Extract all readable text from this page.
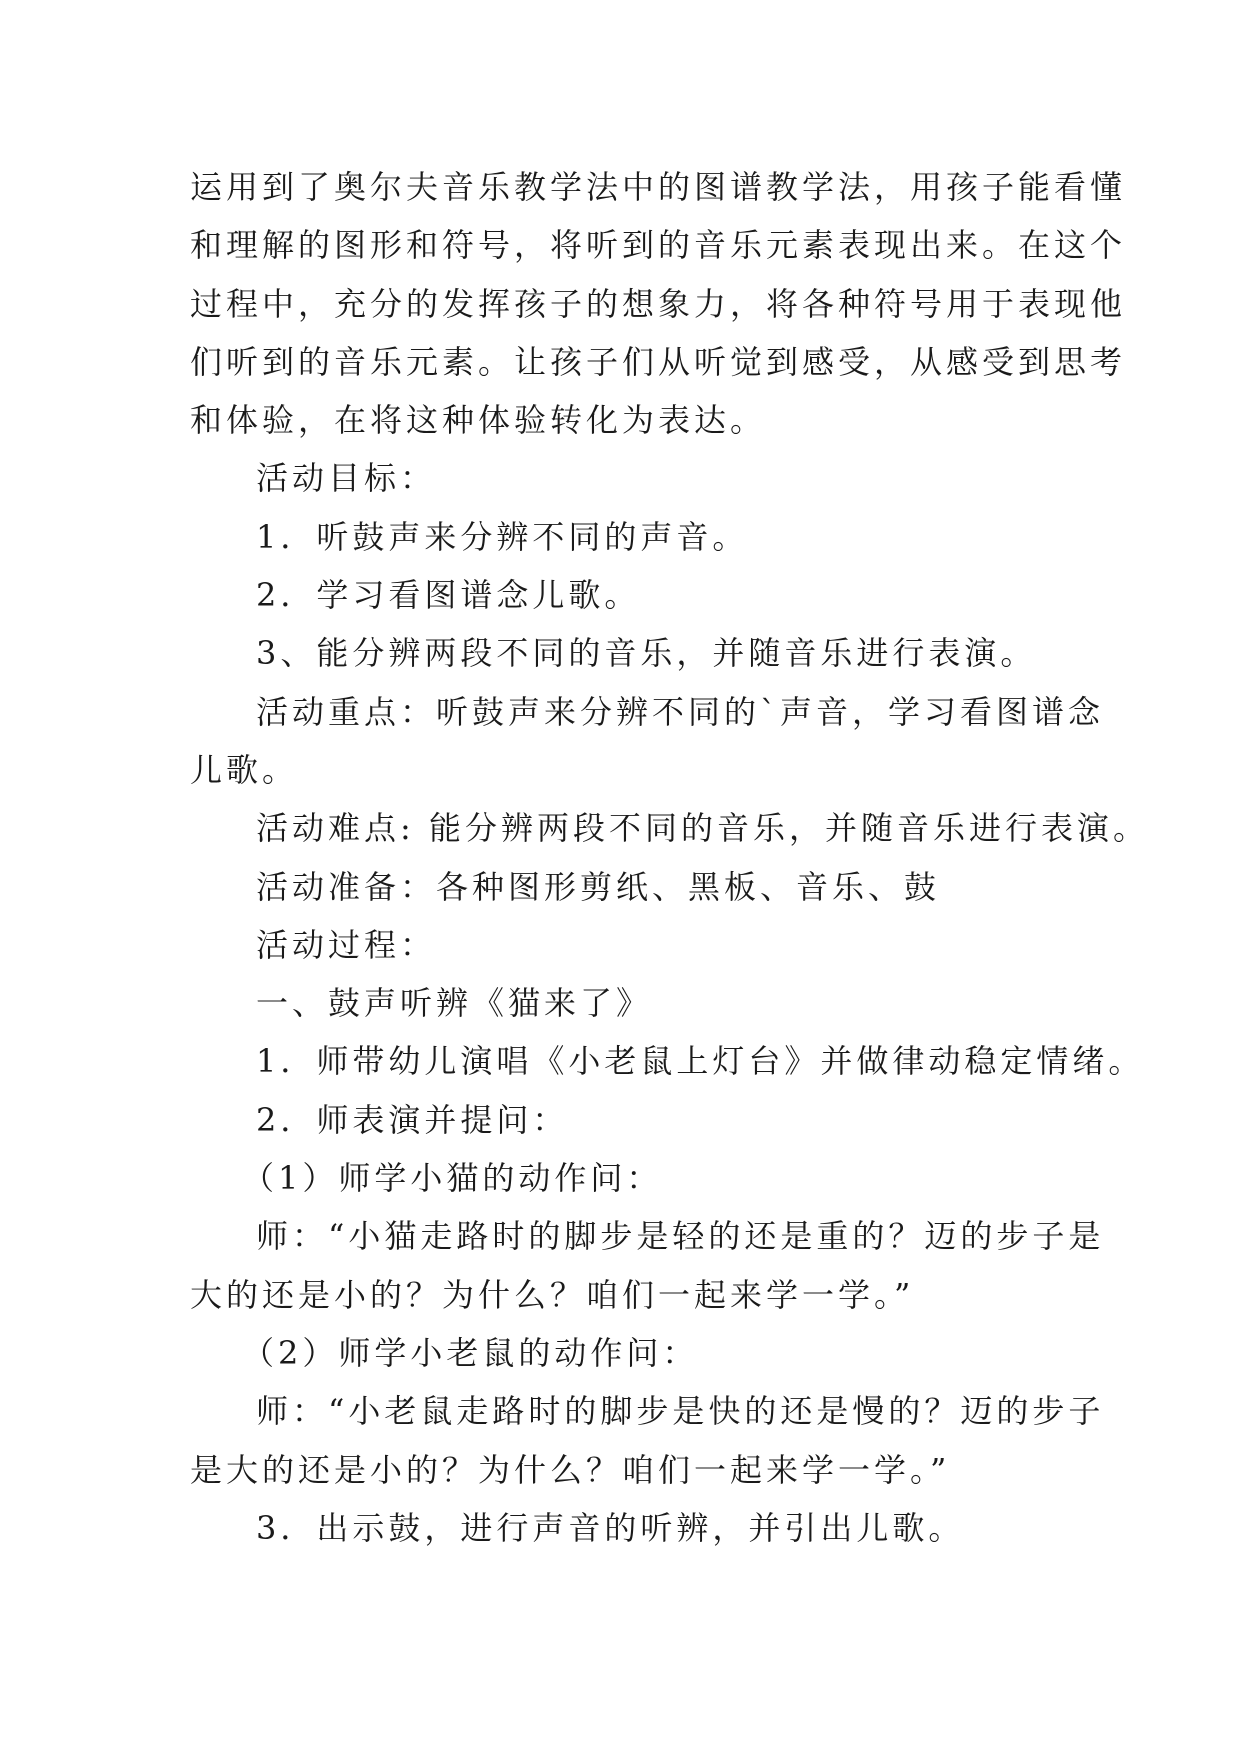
运用到了奥尔夫音乐教学法中的图谱教学法，用孩子能看懂
和理解的图形和符号，将听到的音乐元素表现出来。在这个
过程中，充分的发挥孩子的想象力，将各种符号用于表现他
们听到的音乐元素。让孩子们从听觉到感受，从感受到思考
和体验，在将这种体验转化为表达。
活动目标：
1．听鼓声来分辨不同的声音。
2．学习看图谱念儿歌。
3、能分辨两段不同的音乐，并随音乐进行表演。
活动重点：听鼓声来分辨不同的`声音，学习看图谱念
儿歌。
活动难点: 能分辨两段不同的音乐，并随音乐进行表演。
活动准备：各种图形剪纸、黑板、音乐、鼓
活动过程：
一、鼓声听辨《猫来了》
1．师带幼儿演唱《小老鼠上灯台》并做律动稳定情绪。
2．师表演并提问：
（1）师学小猫的动作问：
师：“小猫走路时的脚步是轻的还是重的？迈的步子是
大的还是小的？为什么？咱们一起来学一学。”
（2）师学小老鼠的动作问：
师：“小老鼠走路时的脚步是快的还是慢的？迈的步子
是大的还是小的？为什么？咱们一起来学一学。”
3．出示鼓，进行声音的听辨，并引出儿歌。
